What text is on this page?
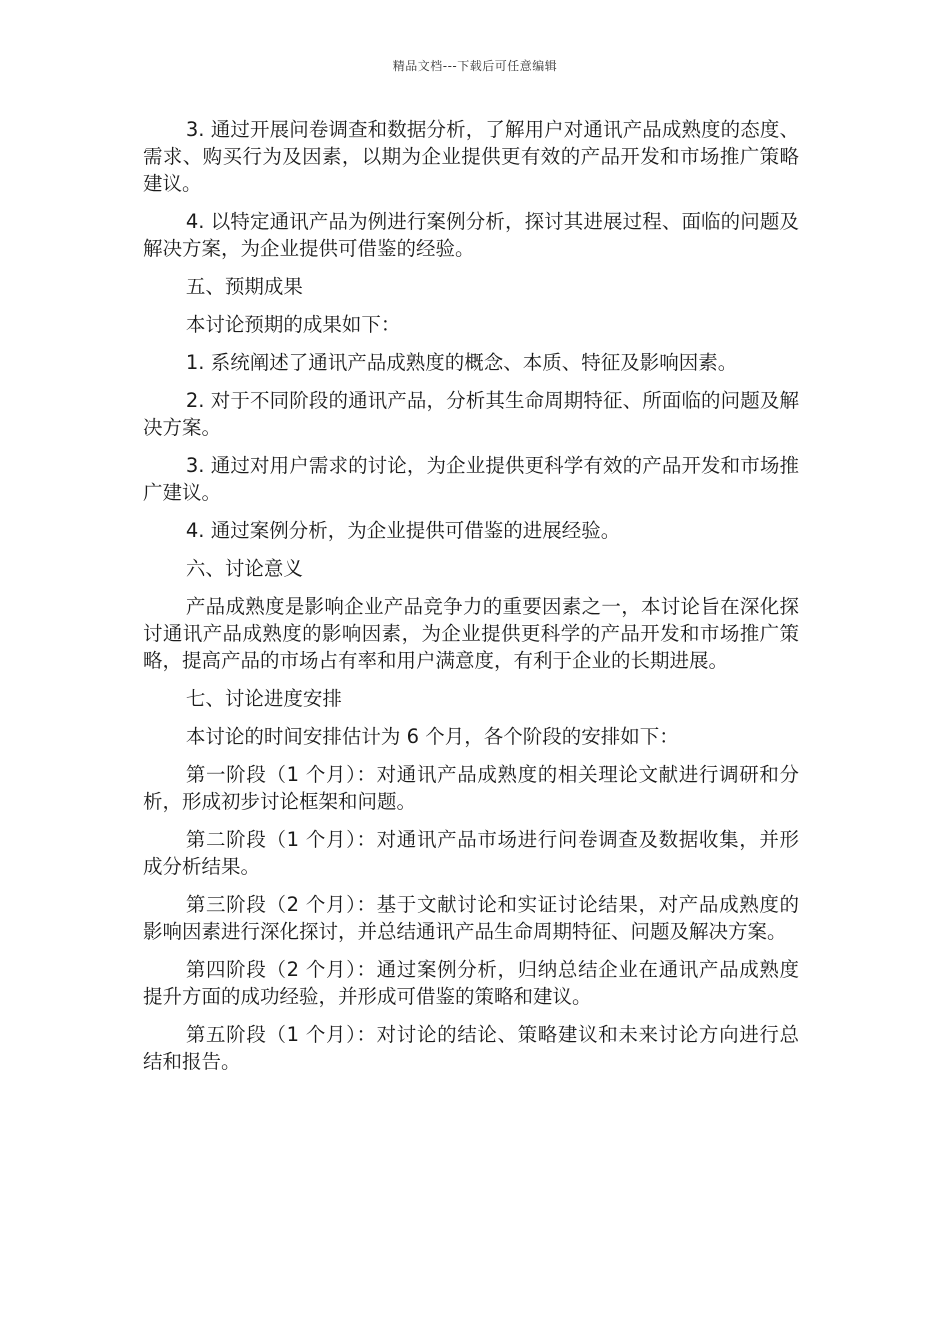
精品文档---下载后可任意编辑

3. 通过开展问卷调查和数据分析，了解用户对通讯产品成熟度的态度、需求、购买行为及因素，以期为企业提供更有效的产品开发和市场推广策略建议。

4. 以特定通讯产品为例进行案例分析，探讨其进展过程、面临的问题及解决方案，为企业提供可借鉴的经验。

五、预期成果

本讨论预期的成果如下：

1. 系统阐述了通讯产品成熟度的概念、本质、特征及影响因素。

2. 对于不同阶段的通讯产品，分析其生命周期特征、所面临的问题及解决方案。

3. 通过对用户需求的讨论，为企业提供更科学有效的产品开发和市场推广建议。

4. 通过案例分析，为企业提供可借鉴的进展经验。

六、讨论意义

产品成熟度是影响企业产品竞争力的重要因素之一，本讨论旨在深化探讨通讯产品成熟度的影响因素，为企业提供更科学的产品开发和市场推广策略，提高产品的市场占有率和用户满意度，有利于企业的长期进展。

七、讨论进度安排

本讨论的时间安排估计为 6 个月，各个阶段的安排如下：

第一阶段（1 个月）：对通讯产品成熟度的相关理论文献进行调研和分析，形成初步讨论框架和问题。

第二阶段（1 个月）：对通讯产品市场进行问卷调查及数据收集，并形成分析结果。

第三阶段（2 个月）：基于文献讨论和实证讨论结果，对产品成熟度的影响因素进行深化探讨，并总结通讯产品生命周期特征、问题及解决方案。

第四阶段（2 个月）：通过案例分析，归纳总结企业在通讯产品成熟度提升方面的成功经验，并形成可借鉴的策略和建议。

第五阶段（1 个月）：对讨论的结论、策略建议和未来讨论方向进行总结和报告。
